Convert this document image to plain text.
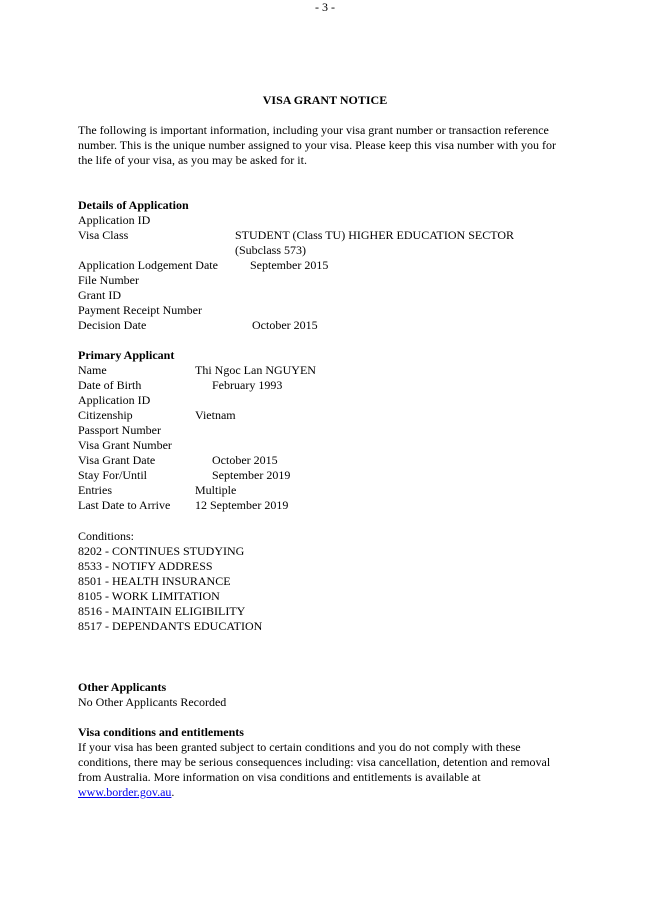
- 3 -
VISA GRANT NOTICE
The following is important information, including your visa grant number or transaction reference number. This is the unique number assigned to your visa. Please keep this visa number with you for the life of your visa, as you may be asked for it.
Details of Application
Application ID
Visa Class	STUDENT (Class TU) HIGHER EDUCATION SECTOR (Subclass 573)
Application Lodgement Date	September 2015
File Number
Grant ID
Payment Receipt Number
Decision Date	October 2015
Primary Applicant
Name	Thi Ngoc Lan NGUYEN
Date of Birth	February 1993
Application ID
Citizenship	Vietnam
Passport Number
Visa Grant Number
Visa Grant Date	October 2015
Stay For/Until	September 2019
Entries	Multiple
Last Date to Arrive 12 September 2019
Conditions:
8202 - CONTINUES STUDYING
8533 - NOTIFY ADDRESS
8501 - HEALTH INSURANCE
8105 - WORK LIMITATION
8516 - MAINTAIN ELIGIBILITY
8517 - DEPENDANTS EDUCATION
Other Applicants
No Other Applicants Recorded
Visa conditions and entitlements
If your visa has been granted subject to certain conditions and you do not comply with these conditions, there may be serious consequences including: visa cancellation, detention and removal from Australia. More information on visa conditions and entitlements is available at www.border.gov.au.
